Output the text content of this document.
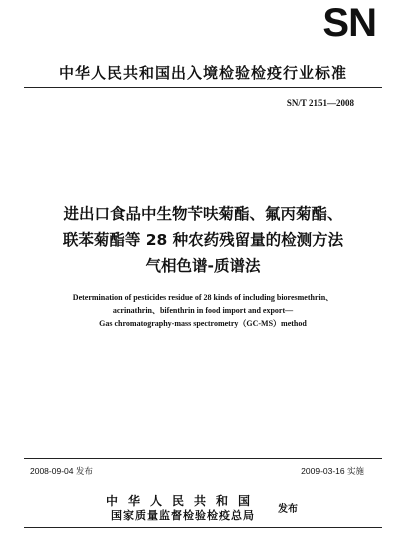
SN
中华人民共和国出入境检验检疫行业标准
SN/T 2151—2008
进出口食品中生物苄呋菊酯、氟丙菊酯、
联苯菊酯等 28 种农药残留量的检测方法
气相色谱-质谱法
Determination of pesticides residue of 28 kinds of including bioresmethrin、
acrinathrin、bifenthrin in food import and export—
Gas chromatography-mass spectrometry（GC-MS）method
2008-09-04 发布	2009-03-16 实施
中华人民共和国
国家质量监督检验检疫总局	发布
